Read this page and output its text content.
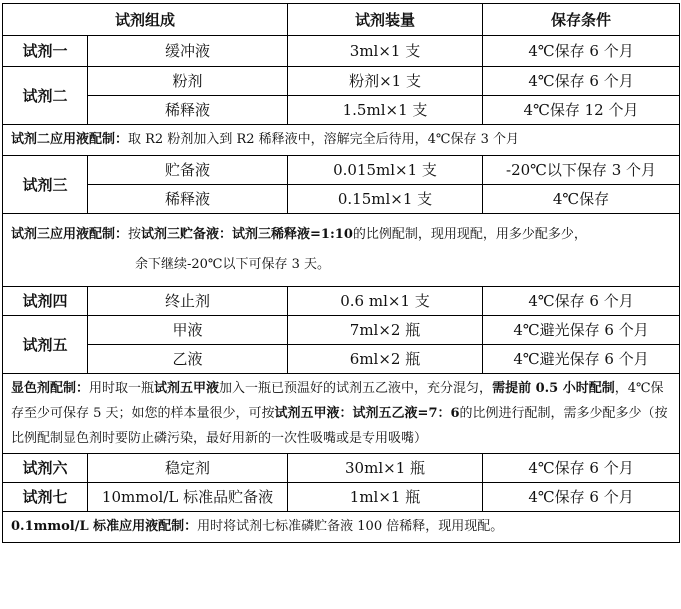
试剂组成		试剂装量	保存条件
试剂一	缓冲液	3ml×1 支	4℃保存 6 个月
试剂二	粉剂	粉剂×1 支	4℃保存 6 个月
	稀释液	1.5ml×1 支	4℃保存 12 个月
试剂二应用液配制：取 R2 粉剂加入到 R2 稀释液中，溶解完全后待用，4℃保存 3 个月			
试剂三	贮备液	0.015ml×1 支	-20℃以下保存 3 个月
	稀释液	0.15ml×1 支	4℃保存
试剂三应用液配制：按试剂三贮备液：试剂三稀释液=1:10的比例配制，现用现配，用多少配多少，
余下继续-20℃以下可保存 3 天。			

试剂四	终止剂	0.6 ml×1 支	4℃保存 6 个月
试剂五	甲液	7ml×2 瓶	4℃避光保存 6 个月
	乙液	6ml×2 瓶	4℃避光保存 6 个月
显色剂配制：用时取一瓶试剂五甲液加入一瓶已预温好的试剂五乙液中，充分混匀，需提前 0.5 小时配制，4℃保存至少可保存 5 天；如您的样本量很少，可按试剂五甲液：试剂五乙液=7：6的比例进行配制，需多少配多少（按比例配制显色剂时要防止磷污染，最好用新的一次性吸嘴或是专用吸嘴）			
试剂六	稳定剂	30ml×1 瓶	4℃保存 6 个月
试剂七	10mmol/L 标准品贮备液	1ml×1 瓶	4℃保存 6 个月
0.1mmol/L 标准应用液配制：用时将试剂七标准磷贮备液 100 倍稀释，现用现配。			
